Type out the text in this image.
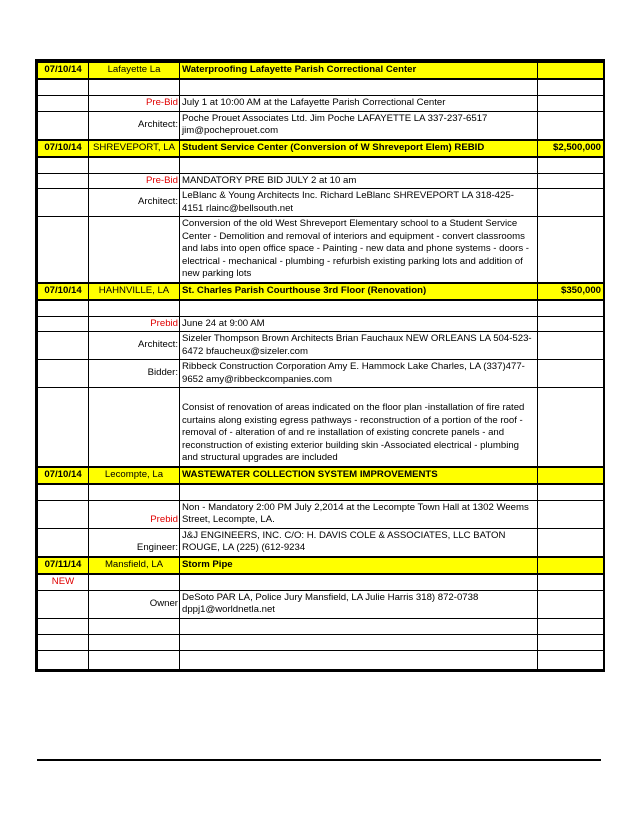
07/10/14	Lafayette La	Waterproofing Lafayette Parish Correctional Center	

	Pre-Bid	July 1 at 10:00 AM at the Lafayette Parish Correctional Center	
	Architect:	Poche Prouet Associates Ltd. Jim Poche LAFAYETTE LA 337-237-6517 jim@pocheprouet.com	
07/10/14	SHREVEPORT, LA	Student Service Center (Conversion of W Shreveport Elem) REBID	$2,500,000

	Pre-Bid	MANDATORY PRE BID JULY 2 at 10 am	
	Architect:	LeBlanc & Young Architects Inc. Richard LeBlanc SHREVEPORT LA 318-425-4151 rlainc@bellsouth.net	
		Conversion of the old West Shreveport Elementary school to a Student Service Center - Demolition and removal of interiors and equipment - convert classrooms and labs into open office space - Painting - new data and phone systems - doors -electrical - mechanical - plumbing - refurbish existing parking lots and addition of new parking lots	
07/10/14	HAHNVILLE, LA	St. Charles Parish Courthouse 3rd Floor (Renovation)	$350,000

	Prebid	June 24 at 9:00 AM	
	Architect:	Sizeler Thompson Brown Architects Brian Fauchaux NEW ORLEANS LA 504-523-6472 bfaucheux@sizeler.com	
	Bidder:	Ribbeck Construction Corporation Amy E. Hammock Lake Charles, LA (337)477-9652 amy@ribbeckcompanies.com	
		Consist of renovation of areas indicated on the floor plan -installation of fire rated curtains along existing egress pathways - reconstruction of a portion of the roof - removal of - alteration of and re installation of existing concrete panels - and reconstruction of existing exterior building skin -Associated electrical - plumbing and structural upgrades are included	
07/10/14	Lecompte, La	WASTEWATER COLLECTION SYSTEM IMPROVEMENTS	

	Prebid	Non - Mandatory 2:00 PM July 2,2014 at the Lecompte Town Hall at 1302 Weems Street, Lecompte, LA.	
	Engineer:	J&J ENGINEERS, INC. C/O: H. DAVIS COLE & ASSOCIATES, LLC BATON ROUGE, LA (225) (612-9234	
07/11/14	Mansfield, LA	Storm Pipe	
NEW			
	Owner	DeSoto PAR LA, Police Jury Mansfield, LA Julie Harris 318) 872-0738 dppj1@worldnetla.net	
